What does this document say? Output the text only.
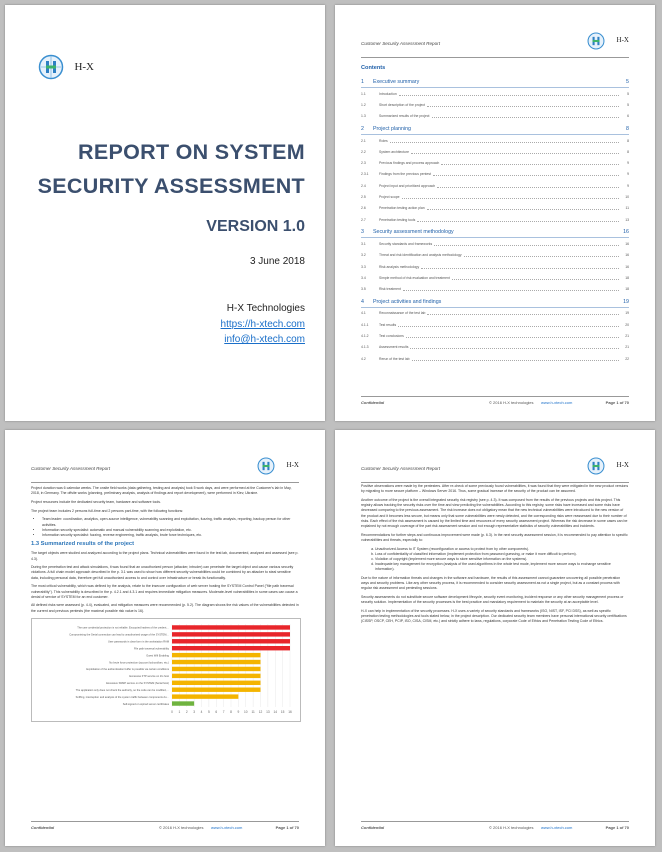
H-X
REPORT ON SYSTEM
SECURITY ASSESSMENT
VERSION 1.0
3 June 2018
H-X Technologies
https://h-xtech.com
info@h-xtech.com
Customer Security Assessment Report	H-X
Contents
1 Executive summary	5
1.1	Introduction	5
1.2	Short description of the project	5
1.3	Summarized results of the project	6
2 Project planning	8
2.1	Roles	8
2.2	System architecture	8
2.3	Previous findings and process approach	9
2.3.1	Findings from the previous pentest	9
2.4	Project input and prioritized approach	9
2.5	Project scope	10
2.6	Penetration testing action plan	11
2.7	Penetration testing tools	13
3 Security assessment methodology	16
3.1	Security standards and frameworks	16
3.2	Threat and risk identification and analysis methodology	16
3.3	Risk analysis methodology	16
3.4	Simple method of risk evaluation and treatment	18
3.5	Risk treatment	18
4 Project activities and findings	19
4.1	Reconnaissance of the test lab	19
4.1.1	Test results	20
4.1.2	Test conclusions	21
4.1.3	Assessment results	21
4.2	Rerun of the test lab	22
Confidential	© 2016 H-X technologies www.h-xtech.com	Page 1 of 70
Customer Security Assessment Report	H-X

Project duration was 6 calendar weeks. The onsite field works (data gathering, testing and analysis) took 5 work days, and were performed at the Customer's lab in May, 2018, in Germany. The offsite works (planning, preliminary analysis, analysis of findings and report development), were performed in Kiev, Ukraine.

Project resources include the dedicated security team, hardware and software tools.

The project team includes 2 persons full-time and 2 persons part-time, with the following functions:

• Team leader: coordination, analytics, open-source intelligence, vulnerability scanning and exploitation, fuzzing, traffic analysis, reporting, backup person for other activities.
• Information security specialist: automatic and manual vulnerability scanning and exploitation, etc.
• Information security specialist: fuzzing, reverse engineering, traffic analysis, brute force techniques, etc.
1.3 Summarized results of the project

The target objects were studied and analyzed according to the project plans. Technical vulnerabilities were found in the test lab, documented, analyzed and assessed (see p. 4.3).

During the penetration test and attack simulations, it was found that an unauthorized person (attacker, intruder) can penetrate the target object and cause various security violations. A full chain model approach described in the p. 3.1 was used to show how different security vulnerabilities could be combined by an attacker to steal sensitive data, including personal data, therefore get full unauthorized access to and control over infrastructure or break its functionality.

The most critical vulnerability, which was defined by the analysis, relate to the insecure configuration of web server hosting the SYSTEM Control Panel ("file path traversal vulnerability"). This vulnerability is described in the p. 4.2.1 and 4.3.1 and requires immediate mitigation measures. Moderate-level vulnerabilities in some cases can cause a denial of service of SYSTEM for an end customer.

All defined risks were assessed (p. 4.4), evaluated, and mitigation measures were recommended (p. 5.2). The diagram shows the risk values of the vulnerabilities detected in the current and previous pentests (the maximal possible risk value is 16).

0 1 2 3 4 5 6 7 8 9 10 11 12 13 14 15 16
The user credential protection is not reliable. Encrypted hashes of the credent…
Compromising the Serial connection can lead to unauthorized usage of the SYSTEM…
User passwords in clear form in the workstation RAM
File path traversal vulnerability
Guest Wifi Enabling
No brute force protection (account lockout/ban, etc.)
Exploitation of the authentication buffer is possible via certain conditions
Excessive FTP service on Iris host
Excessive SNMP service on the SYSTEM (Serial host)
The application only does not check the authority, so the code can be modified,…
Sniffing, interception and analysis of the system traffic between components du…
Self-signed or expired server certificates
Confidential	© 2016 H-X technologies www.h-xtech.com	Page 1 of 70
Customer Security Assessment Report	H-X

Positive observations were made by the pentesters. After re-check of some previously found vulnerabilities, it was found that they were mitigated in the new product versions by migrating to more secure platform – Windows Server 2016. Thus, some gradual increase of the security of the product can be assumed.

Another outcome of the project is the overall integrated security risk registry (see p. 4.3). It was composed from the results of the previous projects and this project. This registry allows tracking the security risks over the time and view predicting the vulnerabilities. According to this registry, some risks have increased and some risks have decreased comparing to the previous assessment. The risk increase does not obligatory mean that the new technical vulnerabilities were introduced to the new version of the product and it becomes less secure, but means only that some vulnerabilities were newly detected, and the corresponding risks were reassessed due to their number of risks. Each effect of the risk assessment is caused by the limited time and resources of every security assessment project. Whereas the risk decrease in some cases can be explained by not enough coverage of the part risk assessment session and not enough representative statistics of security vulnerabilities and incidents.

Recommendations for further steps and continuous improvement were made (p. 6.3). In the next security assessment session, it is recommended to pay attention to specific vulnerabilities and threats, especially to:

a. Unauthorized Access to IT System (reconfiguration or access to protect from by other components).
b. Loss of confidentiality of classified information (implement protection from password guessing, or make it more difficult to perform).
c. Violation of copyright (implement more secure ways to store sensitive information on the systems).
d. Inadequate key management for encryption (analysis of the used algorithms in the whole test mode, implement more secure ways to exchange sensitive information).

Due to the nature of information threats and changes in the software and hardware, the results of this assessment cannot guarantee uncovering all possible penetration ways and security problems. Like any other security process, it is recommended to consider security assessment as not a single project, but as a constant process with regular risk assessment and pentesting sessions.

Security assessments do not substitute secure software development lifecycle, security event monitoring, incident response or any other security management process or security solution. Implementation of the security processes is the best practice and mandatory requirement to maintain the security at an acceptable level.

H-X can help in implementation of the security processes. H-X uses a variety of security standards and frameworks (ISO, NIST, ISF, PCI DSS), as well as specific penetration testing methodologies and tools stated below, in the project description. Our dedicated security team members have personal international security certifications (CISSP, OSCP, CEH, PCIP, ISO, CISA, CISM, etc.) and strictly adhere to laws, regulations, corporate Code of Ethics and Penetration Testing Code of Ethics.

Confidential	© 2016 H-X technologies www.h-xtech.com	Page 1 of 70
